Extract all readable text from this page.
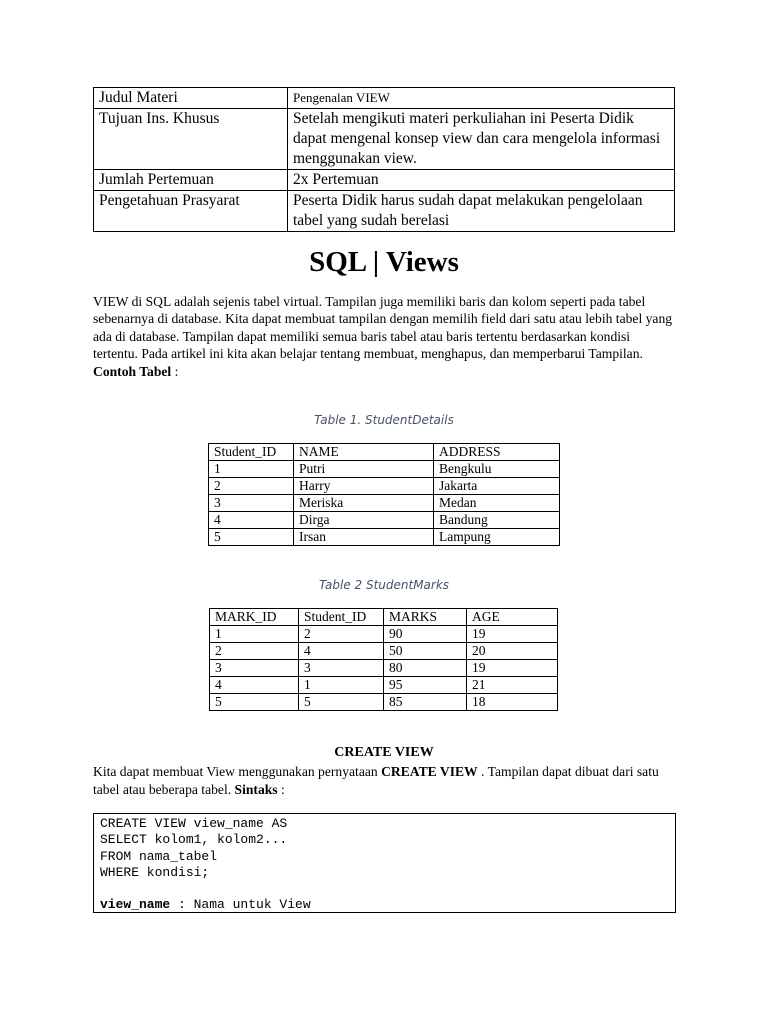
Judul Materi	Pengenalan VIEW
Tujuan Ins. Khusus	Setelah mengikuti materi perkuliahan ini Peserta Didik dapat mengenal konsep view dan cara mengelola informasi menggunakan view.
Jumlah Pertemuan	2x Pertemuan
Pengetahuan Prasyarat	Peserta Didik harus sudah dapat melakukan pengelolaan tabel yang sudah berelasi
SQL | Views

VIEW di SQL adalah sejenis tabel virtual. Tampilan juga memiliki baris dan kolom seperti pada tabel sebenarnya di database. Kita dapat membuat tampilan dengan memilih field dari satu atau lebih tabel yang ada di database. Tampilan dapat memiliki semua baris tabel atau baris tertentu berdasarkan kondisi tertentu. Pada artikel ini kita akan belajar tentang membuat, menghapus, dan memperbarui Tampilan.
Contoh Tabel :

Table 1. StudentDetails
Student_ID	NAME	ADDRESS
1	Putri	Bengkulu
2	Harry	Jakarta
3	Meriska	Medan
4	Dirga	Bandung
5	Irsan	Lampung
Table 2 StudentMarks
MARK_ID	Student_ID	MARKS	AGE
1	2	90	19
2	4	50	20
3	3	80	19
4	1	95	21
5	5	85	18
CREATE VIEW

Kita dapat membuat View menggunakan pernyataan CREATE VIEW . Tampilan dapat dibuat dari satu tabel atau beberapa tabel. Sintaks :

CREATE VIEW view_name AS
SELECT kolom1, kolom2...
FROM nama_tabel
WHERE kondisi;

view_name : Nama untuk View
